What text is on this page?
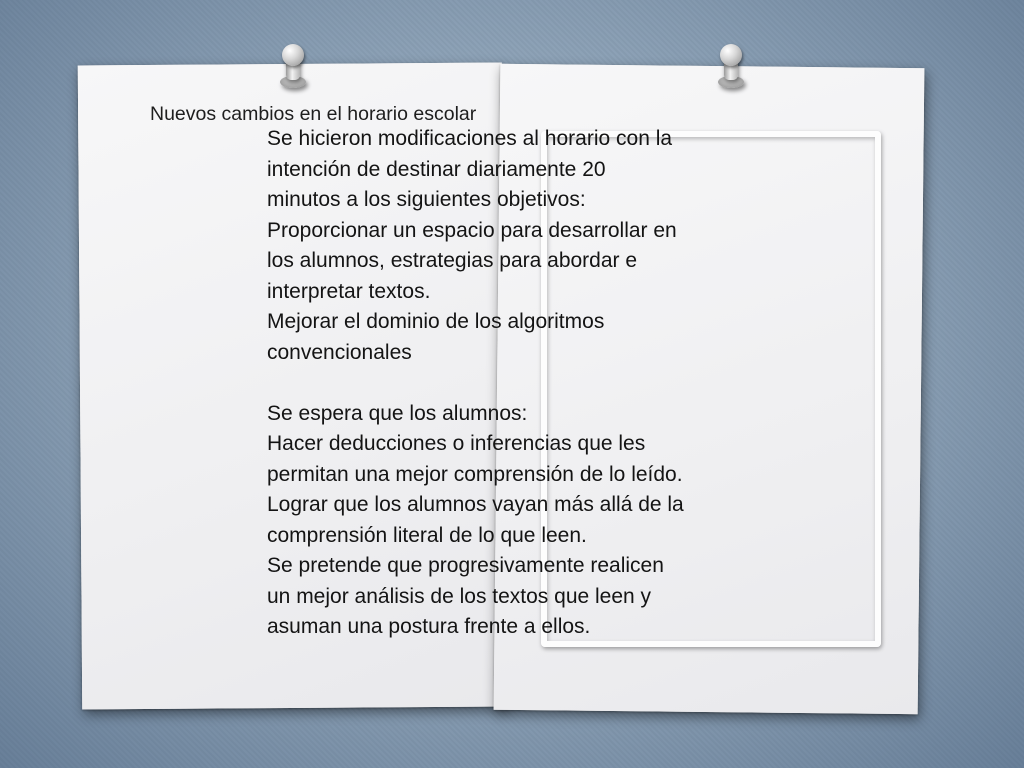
Nuevos cambios en el horario escolar
Se hicieron modificaciones al horario con la
intención de destinar diariamente 20
minutos a los siguientes objetivos:
Proporcionar un espacio para desarrollar en
los alumnos, estrategias para abordar e
interpretar textos.
Mejorar el dominio de los algoritmos
convencionales
Se espera que los alumnos:
Hacer deducciones o inferencias que les
permitan una mejor comprensión de lo leído.
Lograr que los alumnos vayan más allá de la
comprensión literal de lo que leen.
Se pretende que progresivamente realicen
un mejor análisis de los textos que leen y
asuman una postura frente a ellos.
